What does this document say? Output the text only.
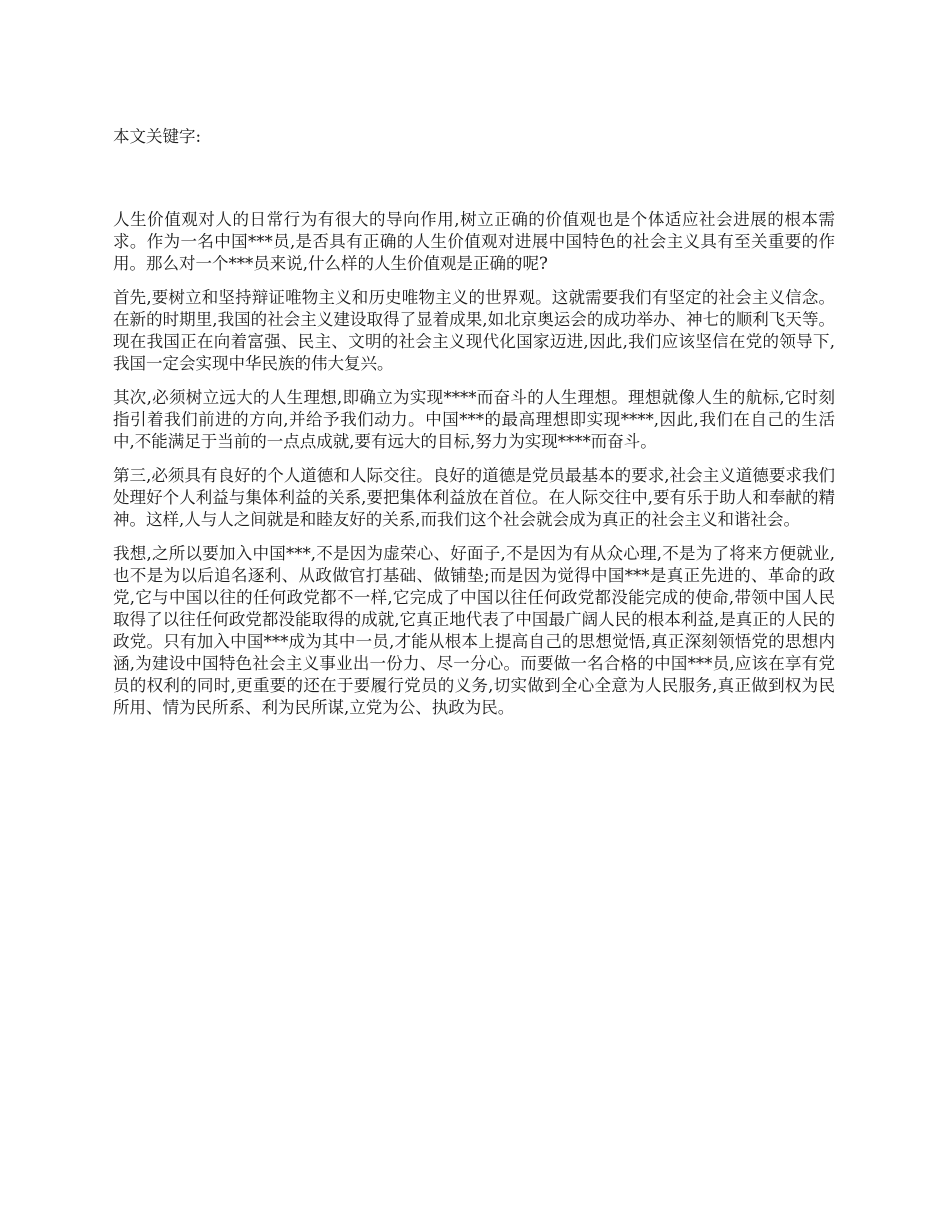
本文关键字:

人生价值观对人的日常行为有很大的导向作用,树立正确的价值观也是个体适应社会进展的根本需求。作为一名中国***员,是否具有正确的人生价值观对进展中国特色的社会主义具有至关重要的作用。那么对一个***员来说,什么样的人生价值观是正确的呢?

首先,要树立和坚持辩证唯物主义和历史唯物主义的世界观。这就需要我们有坚定的社会主义信念。在新的时期里,我国的社会主义建设取得了显着成果,如北京奥运会的成功举办、神七的顺利飞天等。现在我国正在向着富强、民主、文明的社会主义现代化国家迈进,因此,我们应该坚信在党的领导下,我国一定会实现中华民族的伟大复兴。

其次,必须树立远大的人生理想,即确立为实现****而奋斗的人生理想。理想就像人生的航标,它时刻指引着我们前进的方向,并给予我们动力。中国***的最高理想即实现****,因此,我们在自己的生活中,不能满足于当前的一点点成就,要有远大的目标,努力为实现****而奋斗。

第三,必须具有良好的个人道德和人际交往。良好的道德是党员最基本的要求,社会主义道德要求我们处理好个人利益与集体利益的关系,要把集体利益放在首位。在人际交往中,要有乐于助人和奉献的精神。这样,人与人之间就是和睦友好的关系,而我们这个社会就会成为真正的社会主义和谐社会。

我想,之所以要加入中国***,不是因为虚荣心、好面子,不是因为有从众心理,不是为了将来方便就业,也不是为以后追名逐利、从政做官打基础、做铺垫;而是因为觉得中国***是真正先进的、革命的政党,它与中国以往的任何政党都不一样,它完成了中国以往任何政党都没能完成的使命,带领中国人民取得了以往任何政党都没能取得的成就,它真正地代表了中国最广阔人民的根本利益,是真正的人民的政党。只有加入中国***成为其中一员,才能从根本上提高自己的思想觉悟,真正深刻领悟党的思想内涵,为建设中国特色社会主义事业出一份力、尽一分心。而要做一名合格的中国***员,应该在享有党员的权利的同时,更重要的还在于要履行党员的义务,切实做到全心全意为人民服务,真正做到权为民所用、情为民所系、利为民所谋,立党为公、执政为民。
